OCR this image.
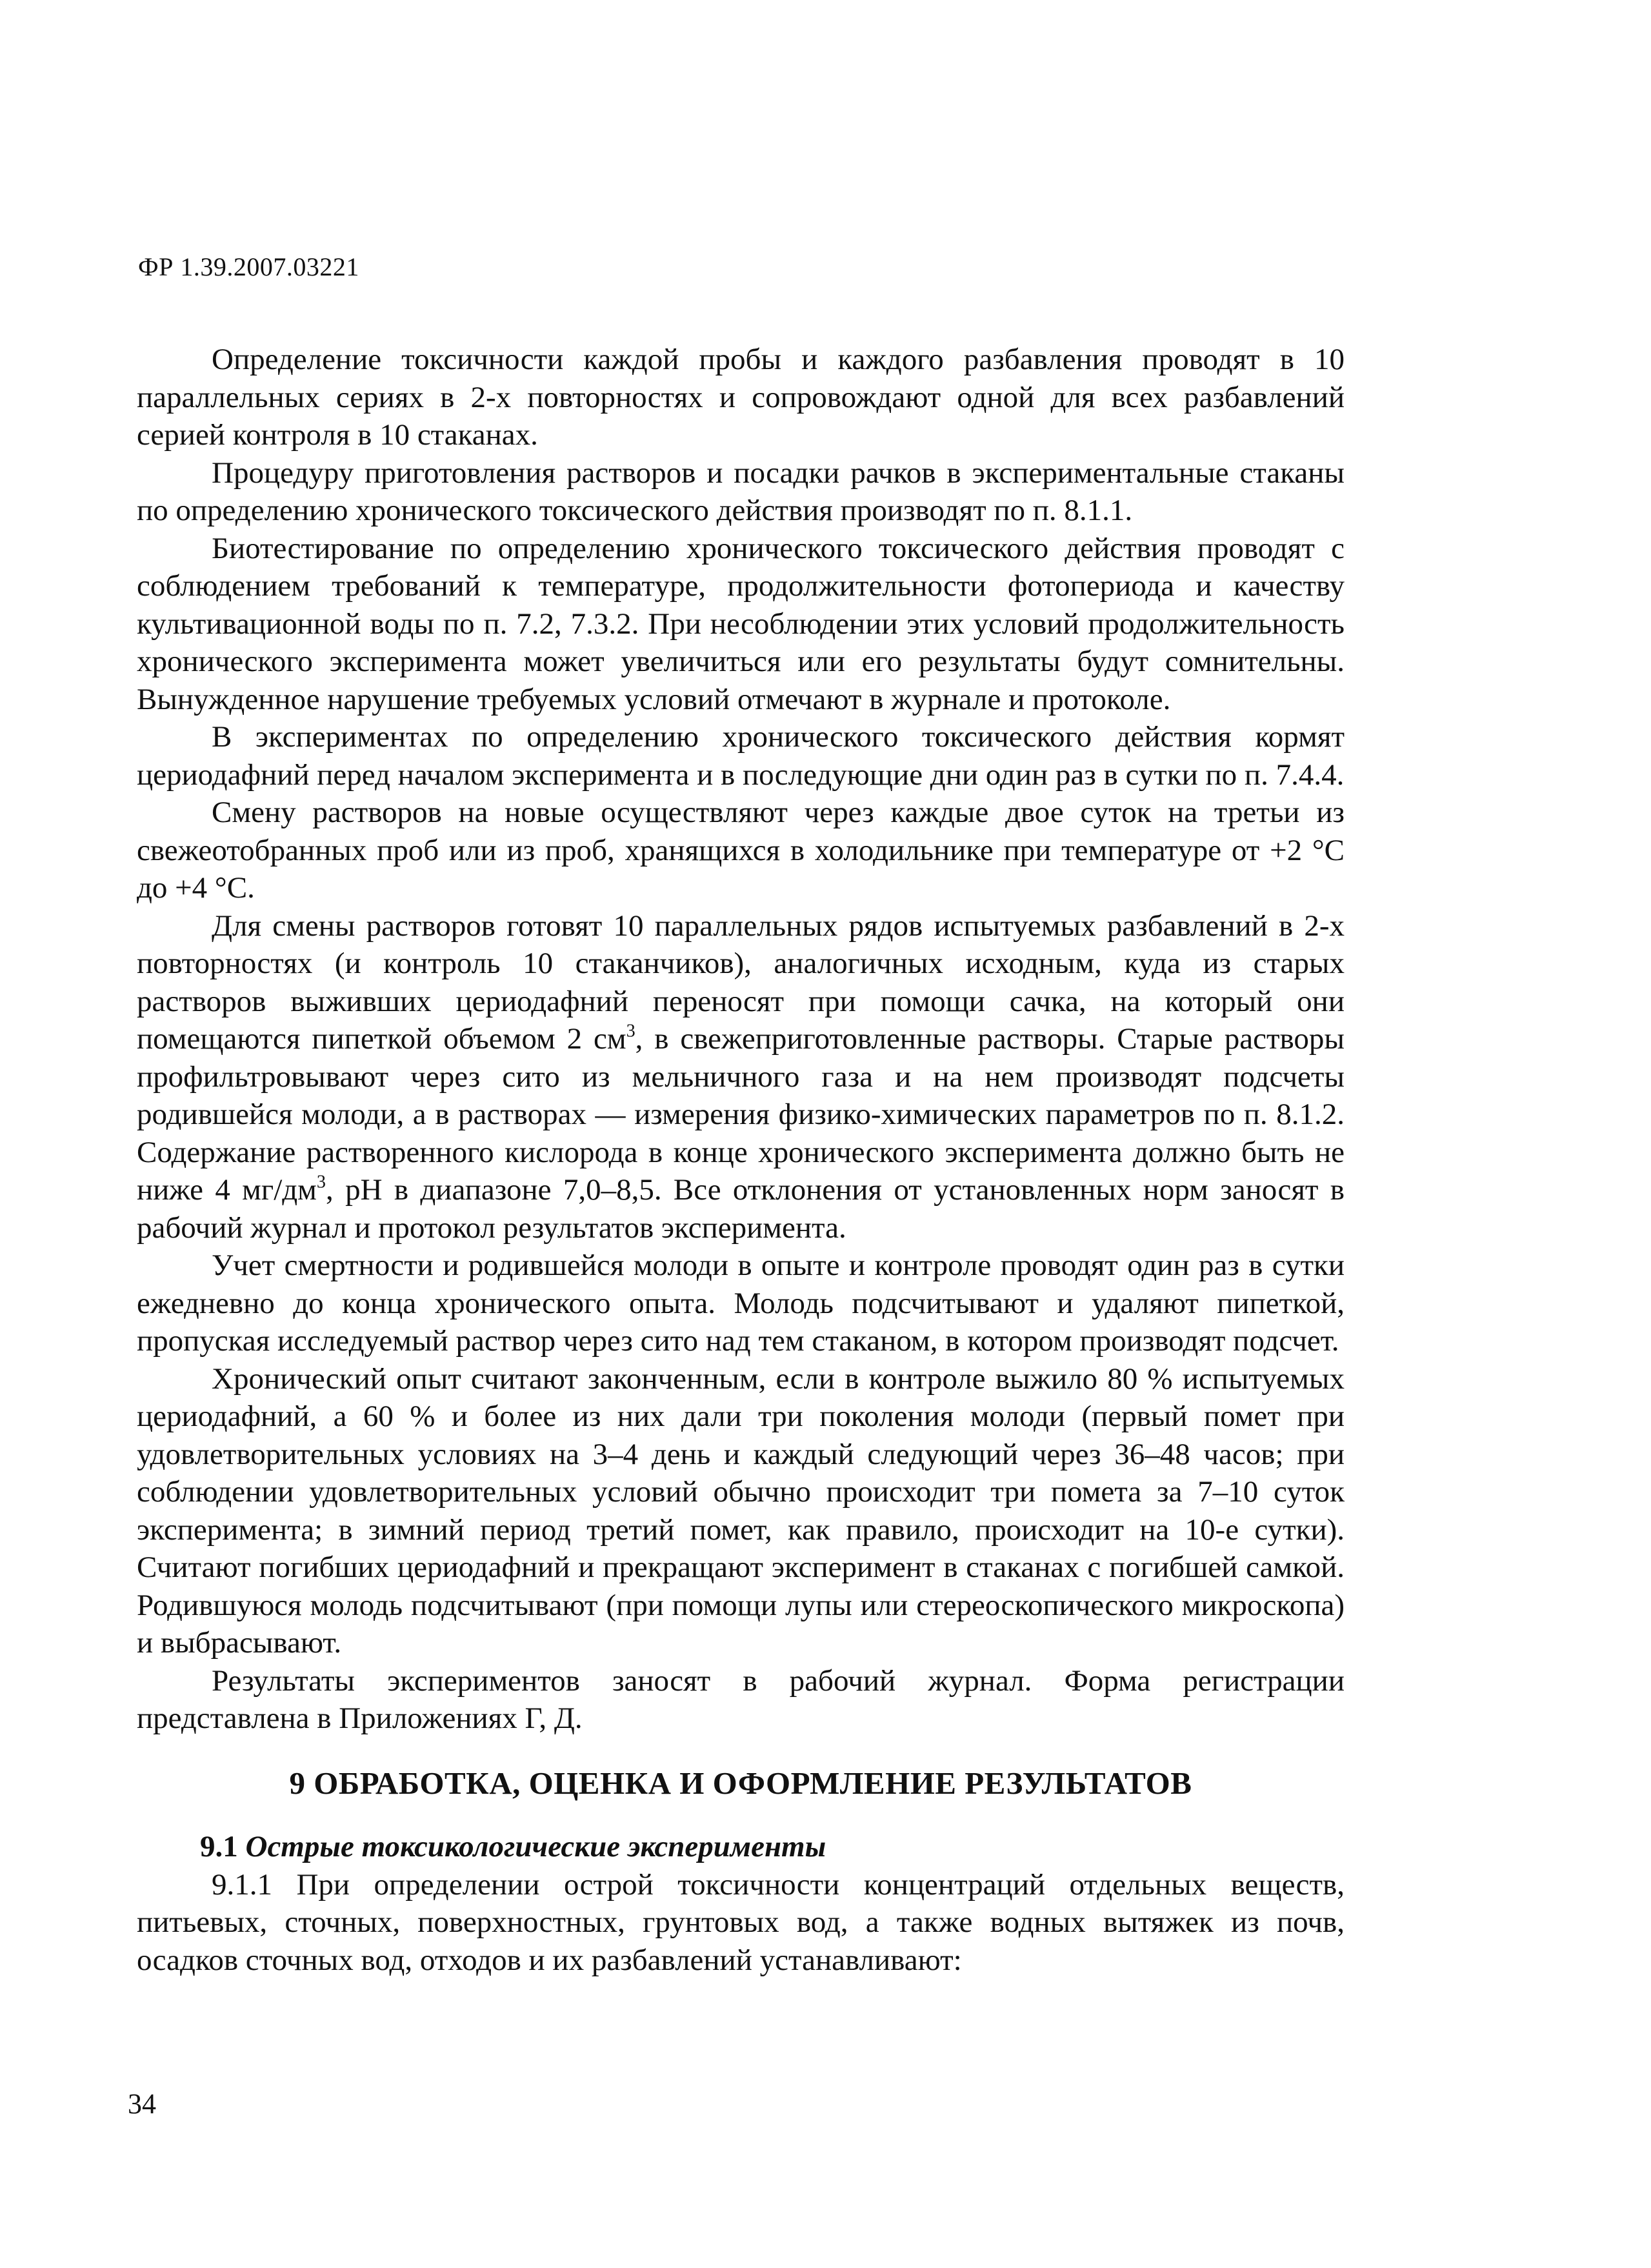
ФР 1.39.2007.03221

Определение токсичности каждой пробы и каждого разбавления проводят в 10 параллельных сериях в 2-х повторностях и сопровождают одной для всех разбавлений серией контроля в 10 стаканах.

Процедуру приготовления растворов и посадки рачков в экспериментальные стаканы по определению хронического токсического действия производят по п. 8.1.1.

Биотестирование по определению хронического токсического действия проводят с соблюдением требований к температуре, продолжительности фотопериода и качеству культивационной воды по п. 7.2, 7.3.2. При несоблюдении этих условий продолжительность хронического эксперимента может увеличиться или его результаты будут сомнительны. Вынужденное нарушение требуемых условий отмечают в журнале и протоколе.

В экспериментах по определению хронического токсического действия кормят цериодафний перед началом эксперимента и в последующие дни один раз в сутки по п. 7.4.4.

Смену растворов на новые осуществляют через каждые двое суток на третьи из свежеотобранных проб или из проб, хранящихся в холодильнике при температуре от +2 °C до +4 °C.

Для смены растворов готовят 10 параллельных рядов испытуемых разбавлений в 2-х повторностях (и контроль 10 стаканчиков), аналогичных исходным, куда из старых растворов выживших цериодафний переносят при помощи сачка, на который они помещаются пипеткой объемом 2 $см^3$, в свежеприготовленные растворы. Старые растворы профильтровывают через сито из мельничного газа и на нем производят подсчеты родившейся молоди, а в растворах — измерения физико-химических параметров по п. 8.1.2. Содержание растворенного кислорода в конце хронического эксперимента должно быть не ниже 4 $мг/дм^3$, pH в диапазоне 7,0–8,5. Все отклонения от установленных норм заносят в рабочий журнал и протокол результатов эксперимента.

Учет смертности и родившейся молоди в опыте и контроле проводят один раз в сутки ежедневно до конца хронического опыта. Молодь подсчитывают и удаляют пипеткой, пропуская исследуемый раствор через сито над тем стаканом, в котором производят подсчет.

Хронический опыт считают законченным, если в контроле выжило 80 % испытуемых цериодафний, а 60 % и более из них дали три поколения молоди (первый помет при удовлетворительных условиях на 3–4 день и каждый следующий через 36–48 часов; при соблюдении удовлетворительных условий обычно происходит три помета за 7–10 суток эксперимента; в зимний период третий помет, как правило, происходит на 10-е сутки). Считают погибших цериодафний и прекращают эксперимент в стаканах с погибшей самкой. Родившуюся молодь подсчитывают (при помощи лупы или стереоскопического микроскопа) и выбрасывают.

Результаты экспериментов заносят в рабочий журнал. Форма регистрации представлена в Приложениях Г, Д.

9 ОБРАБОТКА, ОЦЕНКА И ОФОРМЛЕНИЕ РЕЗУЛЬТАТОВ

9.1 Острые токсикологические эксперименты

9.1.1 При определении острой токсичности концентраций отдельных веществ, питьевых, сточных, поверхностных, грунтовых вод, а также водных вытяжек из почв, осадков сточных вод, отходов и их разбавлений устанавливают:

34
